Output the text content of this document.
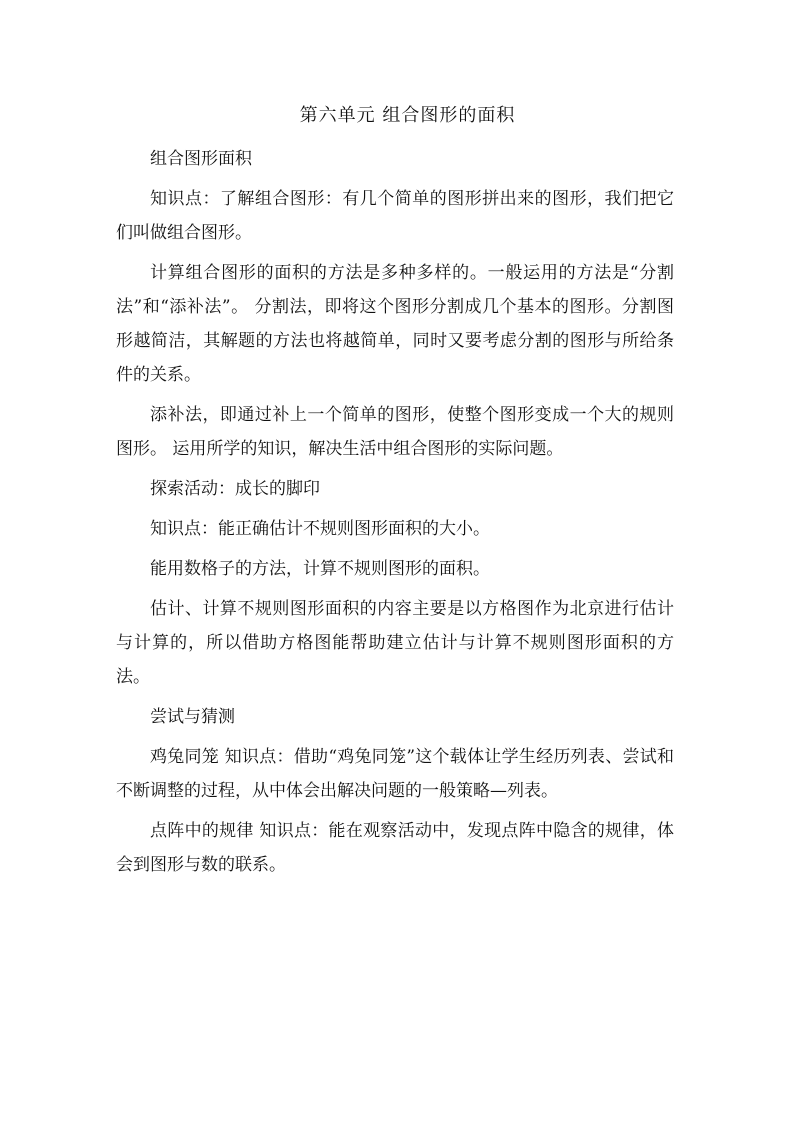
第六单元 组合图形的面积

组合图形面积

知识点：了解组合图形：有几个简单的图形拼出来的图形，我们把它们叫做组合图形。

计算组合图形的面积的方法是多种多样的。一般运用的方法是“分割法”和“添补法”。 分割法，即将这个图形分割成几个基本的图形。分割图形越简洁，其解题的方法也将越简单，同时又要考虑分割的图形与所给条件的关系。

添补法，即通过补上一个简单的图形，使整个图形变成一个大的规则图形。 运用所学的知识，解决生活中组合图形的实际问题。

探索活动：成长的脚印

知识点：能正确估计不规则图形面积的大小。

能用数格子的方法，计算不规则图形的面积。

估计、计算不规则图形面积的内容主要是以方格图作为北京进行估计与计算的，所以借助方格图能帮助建立估计与计算不规则图形面积的方法。

尝试与猜测

鸡兔同笼 知识点：借助“鸡兔同笼”这个载体让学生经历列表、尝试和不断调整的过程，从中体会出解决问题的一般策略—列表。

点阵中的规律 知识点：能在观察活动中，发现点阵中隐含的规律，体会到图形与数的联系。
